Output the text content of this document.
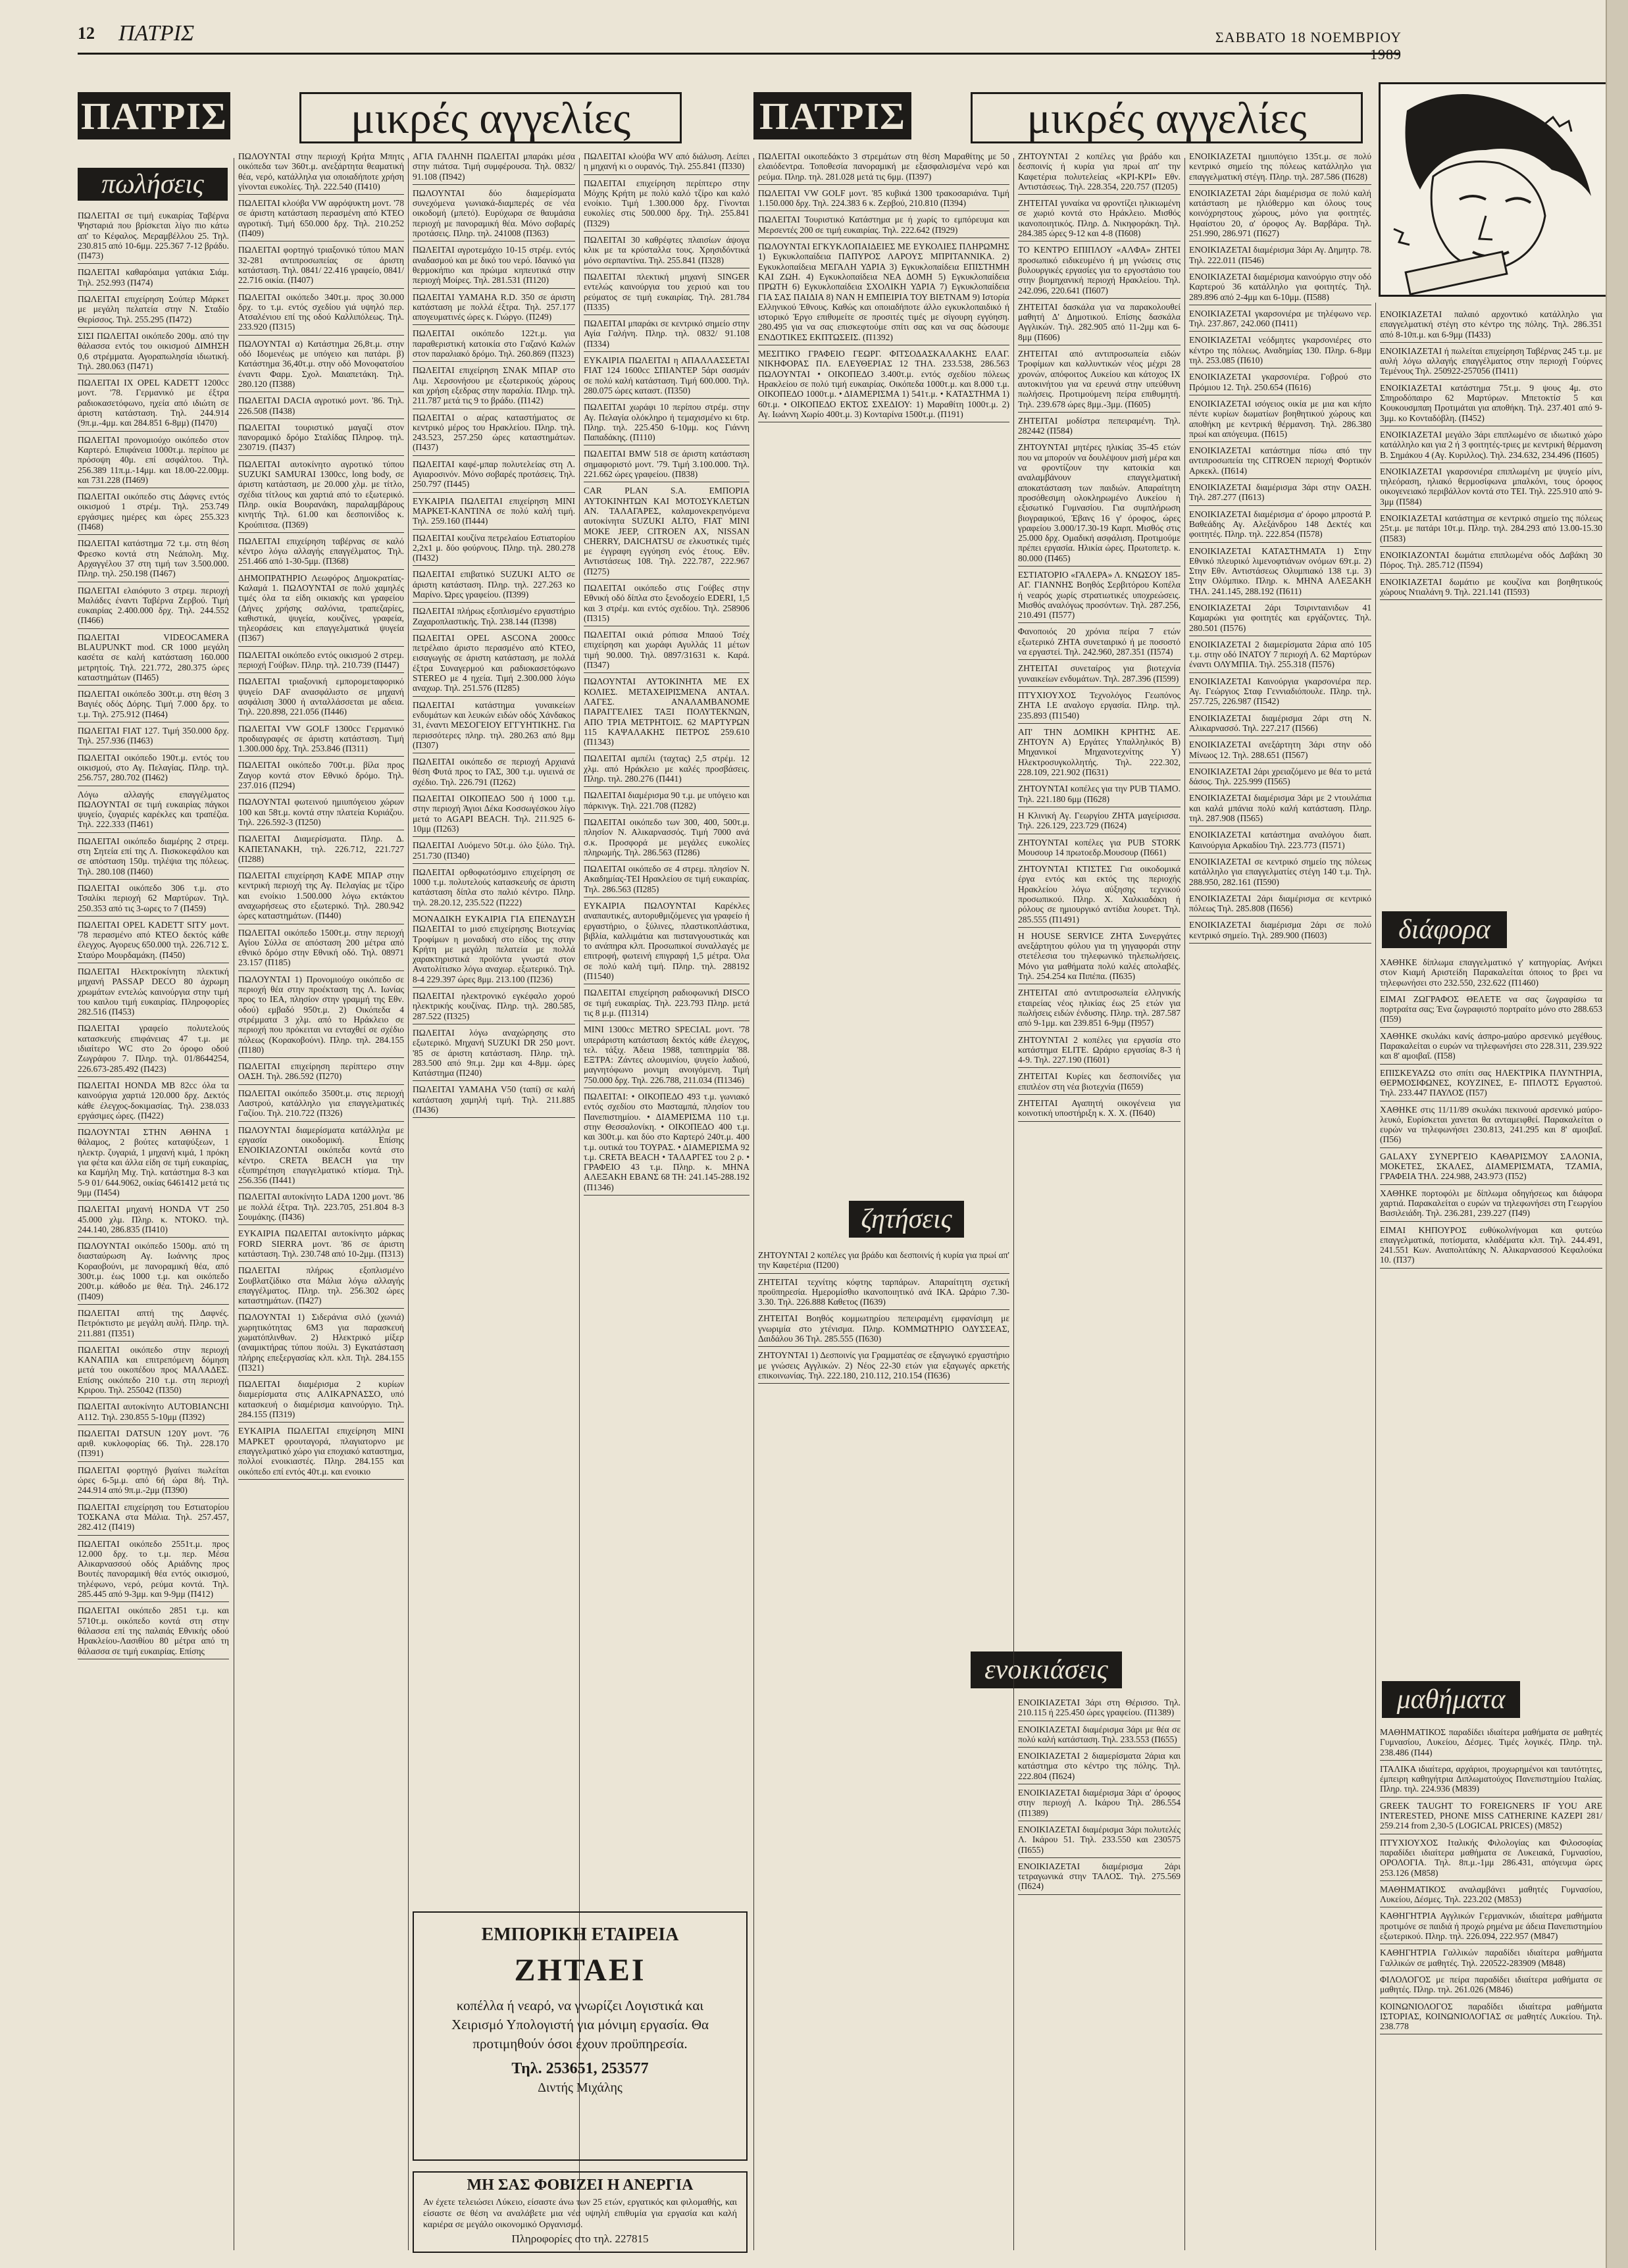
12	ΠΑΤΡΙΣ	ΣΑΒΒΑΤΟ 18 ΝΟΕΜΒΡΙΟΥ 1989
ΠΑΤΡΙΣ	μικρές αγγελίες	ΠΑΤΡΙΣ	μικρές αγγελίες
πωλήσεις
ζητήσεις
ενοικιάσεις
διάφορα
μαθήματα
ΠΩΛΕΙΤΑΙ σε τιμή ευκαιρίας Ταβέρνα Ψησταριά που βρίσκεται λίγο πιο κάτω απ' το Κέφαλος. Μεραμβέλλου 25. Τηλ. 230.815 από 10-6μμ. 225.367 7-12 βράδυ. (Π473)
ΠΩΛΕΙΤΑΙ καθαρόαιμα γατάκια Σιάμ. Τηλ. 252.993 (Π474)
ΠΩΛΕΙΤΑΙ επιχείρηση Σούπερ Μάρκετ με μεγάλη πελατεία στην Ν. Σταδίο Θερίσσος. Τηλ. 255.295 (Π472)
ΣΙΣΙ ΠΩΛΕΙΤΑΙ οικόπεδο 200μ. από την θάλασσα εντός του οικισμού ΔΙΜΗΣΗ 0,6 στρέμματα. Αγοραπωλησία ιδιωτική. Τηλ. 280.063 (Π471)
ΠΩΛΕΙΤΑΙ ΙΧ OPEL KADETT 1200cc μοντ. '78. Γερμανικό με έξτρα ραδιοκασετόφωνο, ηχεία από ιδιώτη σε άριστη κατάσταση. Τηλ. 244.914 (9π.μ.-4μμ. και 284.851 6-8μμ) (Π470)
ΠΩΛΕΙΤΑΙ προνομιούχο οικόπεδο στον Καρτερό. Επιφάνεια 1000τ.μ. περίπου με πρόσοψη 40μ. επί ασφάλτου. Τηλ. 256.389 11π.μ.-14μμ. και 18.00-22.00μμ. και 731.228 (Π469)
ΠΩΛΕΙΤΑΙ οικόπεδο στις Δάφνες εντός οικισμού 1 στρέμ. Τηλ. 253.749 εργάσιμες ημέρες και ώρες 255.323 (Π468)
ΠΩΛΕΙΤΑΙ κατάστημα 72 τ.μ. στη θέση Φρεσκο κοντά στη Νεάπολη. Μιχ. Αρχαγγέλου 37 στη τιμή των 3.500.000. Πληρ. τηλ. 250.198 (Π467)
ΠΩΛΕΙΤΑΙ ελαιόφυτο 3 στρεμ. περιοχή Μαλάδες έναντι Ταβέρνα Ζερβού. Τιμή ευκαιρίας 2.400.000 δρχ. Τηλ. 244.552 (Π466)
ΠΩΛΕΙΤΑΙ VIDEOCAMERA BLAUPUNKT mod. CR 1000 μεγάλη κασέτα σε καλή κατάσταση 160.000 μετρητοίς. Τηλ. 221.772, 280.375 ώρες καταστημάτων (Π465)
ΠΩΛΕΙΤΑΙ οικόπεδο 300τ.μ. στη θέση 3 Βαγιές οδός Δόρης. Τιμή 7.000 δρχ. το τ.μ. Τηλ. 275.912 (Π464)
ΠΩΛΕΙΤΑΙ FIAT 127. Τιμή 350.000 δρχ. Τηλ. 257.936 (Π463)
ΠΩΛΕΙΤΑΙ οικόπεδο 190τ.μ. εντός του οικισμού, στο Αγ. Πελαγίας. Πληρ. τηλ. 256.757, 280.702 (Π462)
Λόγω αλλαγής επαγγέλματος ΠΩΛΟΥΝΤΑΙ σε τιμή ευκαιρίας πάγκοι ψυγείο, ζυγαριές καρέκλες και τραπέζια. Τηλ. 222.333 (Π461)
ΠΩΛΕΙΤΑΙ οικόπεδο διαμέρης 2 στρεμ. στη Σητεία επί της Λ. Πισκοκεφάλου και σε απόσταση 150μ. τηλέψια της πόλεως. Τηλ. 280.108 (Π460)
ΠΩΛΕΙΤΑΙ οικόπεδο 306 τ.μ. στο Τσαλίκι περιοχή 62 Μαρτύρων. Τηλ. 250.353 από τις 3-ωρες το 7 (Π459)
ΠΩΛΕΙΤΑΙ OPEL KADETT SIТУ μοντ. '78 περασμένο από ΚΤΕΟ δεκτός κάθε έλεγχος. Αγορευς 650.000 τηλ. 226.712 Σ. Σταύρο Μουρδαμάκη. (Π450)
ΠΩΛΕΙΤΑΙ Ηλεκτροκίνητη πλεκτική μηχανή PASSAP DECO 80 άχρωμη χρωμάτων εντελώς καινούργια στην τιμή του καιλου τιμή ευκαιρίας. Πληροφορίες 282.516 (Π453)
ΠΩΛΕΙΤΑΙ γραφείο πολυτελούς κατασκευής επιφάνειας 47 τ.μ. με ιδιαίτερο WC στο 2ο όροφο οδού Ζωγράφου 7. Πληρ. τηλ. 01/8644254, 226.673-285.492 (Π423)
ΠΩΛΕΙΤΑΙ HONDA MB 82cc όλα τα καινούργια χαρτιά 120.000 δρχ. Δεκτός κάθε έλεγχος-δοκιμασίας. Τηλ. 238.033 εργάσιμες ώρες. (Π422)
ΠΩΛΟΥΝΤΑΙ ΣΤΗΝ ΑΘΗΝΑ 1 θάλαμος, 2 βούτες καταψύξεων, 1 ηλεκτρ. ζυγαριά, 1 μηχανή κιμά, 1 πρόκη για φέτα και άλλα είδη σε τιμή ευκαιρίας, κα Καμήλη Μιχ. Τηλ. κατάστημα 8-3 και 5-9 01/ 644.9062, οικίας 6461412 μετά τις 9μμ (Π454)
ΠΩΛΕΙΤΑΙ μηχανή HONDA VT 250 45.000 χλμ. Πληρ. κ. ΝΤΟΚΟ. τηλ. 244.140, 286.835 (Π410)
ΠΩΛΟΥΝΤΑΙ οικόπεδο 1500μ. από τη διασταύρωση Αγ. Ιωάννης προς Κοραοβούνι, με πανοραμική θέα, από 300τ.μ. έως 1000 τ.μ. και οικόπεδο 200τ.μ. κάθοδο με θέα. Τηλ. 246.172 (Π409)
ΠΩΛΕΙΤΑΙ απτή της Δαφνές. Πετρόκτιστο με μεγάλη αυλή. Πληρ. τηλ. 211.881 (Π351)
ΠΩΛΕΙΤΑΙ οικόπεδο στην περιοχή ΚΑΝΑΠΙΑ και επιτρεπόμενη δόμηση μετά του οικοπέδου προς ΜΑΛΑΔΕΣ. Επίσης οικόπεδο 210 τ.μ. στη περιοχή Κριρου. Τηλ. 255042 (Π350)
ΠΩΛΕΙΤΑΙ αυτοκίνητο AUTOBIANCHI A112. Τηλ. 230.855 5-10μμ (Π392)
ΠΩΛΕΙΤΑΙ DATSUN 120Y μοντ. '76 αριθ. κυκλοφορίας 66. Τηλ. 228.170 (Π391)
ΠΩΛΕΙΤΑΙ φορτηγό βγαίνει πωλείται ώρες 6-5μ.μ. από 6ή ώρα 8ή. Τηλ. 244.914 από 9π.μ.-2μμ (Π390)
ΠΩΛΕΙΤΑΙ επιχείρηση του Εστιατορίου ΤΟΣΚΑΝΑ στα Μάλια. Τηλ. 257.457, 282.412 (Π419)
ΠΩΛΕΙΤΑΙ οικόπεδο 2551τ.μ. προς 12.000 δρχ. το τ.μ. περ. Μέσα Αλικαρνασσού οδός Αριάδνης προς Βουτές πανοραμική θέα εντός οικισμού, τηλέφωνο, νερό, ρεύμα κοντά. Τηλ. 285.445 από 9-3μμ. και 9-9μμ (Π412)
ΠΩΛΕΙΤΑΙ οικόπεδο 2851 τ.μ. και 5710τ.μ. οικόπεδο κοντά στη στην θάλασσα επί της παλαιάς Εθνικής οδού Ηρακλείου-Λασιθίου 80 μέτρα από τη θάλασσα σε τιμή ευκαιρίας. Επίσης
ΠΩΛΟΥΝΤΑΙ στην περιοχή Κρήτα Μπητς οικόπεδα των 360τ.μ. ανεξάρτητα θεαματική θέα, νερό, κατάλληλα για οποιαδήποτε χρήση γίνονται ευκολίες. Τηλ. 222.540 (Π410)
ΠΩΛΕΙΤΑΙ κλούβα VW αφρόψυκτη μοντ. '78 σε άριστη κατάσταση περασμένη από ΚΤΕΟ αγροτική. Τιμή 650.000 δρχ. Τηλ. 210.252 (Π409)
ΠΩΛΕΙΤΑΙ φορτηγό τριαξονικό τύπου MAN 32-281 αντιπροσωπείας σε άριστη κατάσταση. Τηλ. 0841/ 22.416 γραφείο, 0841/ 22.716 οικία. (Π407)
ΠΩΛΕΙΤΑΙ οικόπεδο 340τ.μ. προς 30.000 δρχ. το τ.μ. εντός σχεδίου γιά υψηλό περ. Ατσαλένιου επί της οδού Καλλιπόλεως. Τηλ. 233.920 (Π315)
ΠΩΛΟΥΝΤΑΙ α) Κατάστημα 26,8τ.μ. στην οδό Ιδομενέως με υπόγειο και πατάρι. β) Κατάστημα 36,40τ.μ. στην οδό Μονοφατσίου έναντι Φαρμ. Σχολ. Μαιαπετάκη. Τηλ. 280.120 (Π388)
ΠΩΛΕΙΤΑΙ DACIA αγροτικό μοντ. '86. Τηλ. 226.508 (Π438)
ΠΩΛΕΙΤΑΙ τουριστικό μαγαζί στον πανοραμικό δρόμο Σταλίδας Πληροφ. τηλ. 230719. (Π437)
ΠΩΛΕΙΤΑΙ αυτοκίνητο αγροτικό τύπου SUZUKI SAMURAI 1300cc, long body, σε άριστη κατάσταση, με 20.000 χλμ. με τίτλο, σχέδια τίτλους και χαρτιά από το εξωτερικό. Πληρ. οικία Βουρανάκη, παραλαμβάρους κινητής Τηλ. 61.00 και δεσποινίδος κ. Κρούπιτσα. (Π369)
ΠΩΛΕΙΤΑΙ επιχείρηση ταβέρνας σε καλό κέντρο λόγω αλλαγής επαγγέλματος. Τηλ. 251.466 από 1-30-5μμ. (Π368)
ΔΗΜΟΠΡΑΤΗΡΙΟ Λεωφόρος Δημοκρατίας-Καλαμά 1. ΠΩΛΟΥΝΤΑΙ σε πολύ χαμηλές τιμές όλα τα είδη οικιακής και γραφείου (Δήνες χρήσης σαλόνια, τραπεζαρίες, καθιστικά, ψυγεία, κουζίνες, γραφεία, τηλεοράσεις και επαγγελματικά ψυγεία (Π367)
ΠΩΛΕΙΤΑΙ οικόπεδο εντός οικισμού 2 στρεμ. περιοχή Γούβων. Πληρ. τηλ. 210.739 (Π447)
ΠΩΛΕΙΤΑΙ τριαξονική εμπορομεταφορικό ψυγείο DAF ανασφάλιστο σε μηχανή ασφάλιση 3000 ή ανταλλάσσεται με αδεια. Τηλ. 220.898, 221.056 (Π446)
ΠΩΛΕΙΤΑΙ VW GOLF 1300cc Γερμανικό προδιαγραφές σε άριστη κατάσταση. Τιμή 1.300.000 δρχ. Τηλ. 253.846 (Π311)
ΠΩΛΕΙΤΑΙ οικόπεδο 700τ.μ. βίλα προς Ζαγορ κοντά στον Εθνικό δρόμο. Τηλ. 237.016 (Π294)
ΠΩΛΟΥΝΤΑΙ φωτεινού ημιυπόγειου χώρων 100 και 58τ.μ. κοντά στην πλατεία Κυριάζου. Τηλ. 226.592-3 (Π250)
ΠΩΛΕΙΤΑΙ Διαμερίσματα. Πληρ. Δ. ΚΑΠΕΤΑΝΑΚΗ, τηλ. 226.712, 221.727 (Π288)
ΠΩΛΕΙΤΑΙ επιχείρηση ΚΑΦΕ ΜΠΑΡ στην κεντρική περιοχή της Αγ. Πελαγίας με τζίρο και ενοίκιο 1.500.000 λόγω εκτάκτου αναχωρήσεως στο εξωτερικό. Τηλ. 280.942 ώρες καταστημάτων. (Π440)
ΠΩΛΕΙΤΑΙ οικόπεδο 1500τ.μ. στην περιοχή Αγίου Σύλλα σε απόσταση 200 μέτρα από εθνικό δρόμο στην Εθνική οδό. Τηλ. 08971 23.157 (Π185)
ΠΩΛΟΥΝΤΑΙ 1) Προνομιούχο οικόπεδο σε περιοχή θέα στην προέκταση της Λ. Ιωνίας προς το ΙΕΑ, πλησίον στην γραμμή της Εθν. οδού) εμβαδό 950τ.μ. 2) Οικόπεδα 4 στρέμματα 3 χλμ. από το Ηράκλειο σε περιοχή που πρόκειται να ενταχθεί σε σχέδιο πόλεως (Κορακοβούνι). Πληρ. τηλ. 284.155 (Π180)
ΠΩΛΕΙΤΑΙ επιχείρηση περίπτερο στην ΟΑΣΗ. Τηλ. 286.592 (Π270)
ΠΩΛΕΙΤΑΙ οικόπεδο 3500τ.μ. στις περιοχή Λαστρού, κατάλληλο για επαγγελματικές Γαζίου. Τηλ. 210.722 (Π326)
ΠΩΛΟΥΝΤΑΙ διαμερίσματα κατάλληλα με εργασία οικοδομική. Επίσης ΕΝΟΙΚΙΑΖΟΝΤΑΙ οικόπεδα κοντά στο κέντρο. CRETA BEACH για την εξυπηρέτηση επαγγελματικό κτίσμα. Τηλ. 256.356 (Π441)
ΠΩΛΕΙΤΑΙ αυτοκίνητο LADA 1200 μοντ. '86 με πολλά έξτρα. Τηλ. 223.705, 251.804 8-3 Σουμάκης. (Π436)
ΕΥΚΑΙΡΙΑ ΠΩΛΕΙΤΑΙ αυτοκίνητο μάρκας FORD SIERRA μοντ. '86 σε άριστη κατάσταση. Τηλ. 230.748 από 10-2μμ. (Π313)
ΠΩΛΕΙΤΑΙ πλήρως εξοπλισμένο Σουβλατζίδικο στα Μάλια λόγω αλλαγής επαγγέλματος. Πληρ. τηλ. 256.302 ώρες καταστημάτων. (Π427)
ΠΩΛΟΥΝΤΑΙ 1) Σιδεράνια σιλό (χωνιά) χωρητικότητας 6Μ3 για παρασκευή χωματόπλινθων. 2) Ηλεκτρικό μίξερ (αναμικτήρας τύπου πούλι. 3) Εγκατάσταση πλήρης επεξεργασίας κλπ. κλπ. Τηλ. 284.155 (Π321)
ΠΩΛΕΙΤΑΙ διαμέρισμα 2 κυρίων διαμερίσματα στις ΑΛΙΚΑΡΝΑΣΣΟ, υπό κατασκευή ο διαμέρισμα καινούργιο. Τηλ. 284.155 (Π319)
ΕΥΚΑΙΡΙΑ ΠΩΛΕΙΤΑΙ επιχείρηση ΜΙΝΙ ΜΑΡΚΕΤ φρουταγορά, πλαγιατορνο με επαγγελματικό χώρο για εποχιακό καταστημα, πολλοί ενοικιαστές. Πληρ. 284.155 και οικόπεδο επί εντός 40τ.μ. και ενοικιο
ΑΓΙΑ ΓΑΛΗΝΗ ΠΩΛΕΙΤΑΙ μπαράκι μέσα στην πιάτσα. Τιμή συμφέρουσα. Τηλ. 0832/ 91.108 (Π942)
ΠΩΛΟΥΝΤΑΙ δύο διαμερίσματα συνεχόμενα γωνιακά-διαμπερές σε νέα οικοδομή (μπετό). Ευρύχωρα σε θαυμάσια περιοχή με πανοραμική θέα. Μόνο σοβαρές προτάσεις. Πληρ. τηλ. 241008 (Π363)
ΠΩΛΕΙΤΑΙ αγροτεμάχιο 10-15 στρέμ. εντός αναδασμού και με δικό του νερό. Ιδανικό για θερμοκήπιο και πρώιμα κηπευτικά στην περιοχή Μοίρες. Τηλ. 281.531 (Π120)
ΠΩΛΕΙΤΑΙ YAMAHA R.D. 350 σε άριστη κατάσταση με πολλά έξτρα. Τηλ. 257.177 απογευματινές ώρες κ. Γιώργο. (Π249)
ΠΩΛΕΙΤΑΙ οικόπεδο 122τ.μ. για παραθεριστική κατοικία στο Γαζανό Καλών στον παραλιακό δρόμο. Τηλ. 260.869 (Π323)
ΠΩΛΕΙΤΑΙ επιχείρηση ΣΝΑΚ ΜΠΑΡ στο Λιμ. Χερσονήσου με εξωτερικούς χώρους και χρήση εξεδρας στην παραλία. Πληρ. τηλ. 211.787 μετά τις 9 το βράδυ. (Π142)
ΠΩΛΕΙΤΑΙ ο αέρας καταστήματος σε κεντρικό μέρος του Ηρακλείου. Πληρ. τηλ. 243.523, 257.250 ώρες καταστημάτων. (Π437)
ΠΩΛΕΙΤΑΙ καφέ-μπαρ πολυτελείας στη Λ. Αγιαροσινόν. Μόνο σοβαρές προτάσεις. Τηλ. 250.797 (Π445)
ΕΥΚΑΙΡΙΑ ΠΩΛΕΙΤΑΙ επιχείρηση ΜΙΝΙ ΜΑΡΚΕΤ-ΚΑΝΤΙΝΑ σε πολύ καλή τιμή. Τηλ. 259.160 (Π444)
ΠΩΛΕΙΤΑΙ κουζίνα πετρελαίου Εστιατορίου 2,2x1 μ. δύο φούρνους. Πληρ. τηλ. 280.278 (Π432)
ΠΩΛΕΙΤΑΙ επιβατικό SUZUKI ALTO σε άριστη κατάσταση. Πληρ. τηλ. 227.263 κο Μαρίνο. Ώρες γραφείου. (Π399)
ΠΩΛΕΙΤΑΙ πλήρως εξοπλισμένο εργαστήριο Ζαχαροπλαστικής. Τηλ. 238.144 (Π398)
ΠΩΛΕΙΤΑΙ OPEL ASCONA 2000cc πετρέλαιο άριστο περασμένο από ΚΤΕΟ, εισαγωγής σε άριστη κατάσταση, με πολλά έξτρα Συναγερμού και ραδιοκασετόφωνο STEREO με 4 ηχεία. Τιμή 2.300.000 λόγω αναχωρ. Τηλ. 251.576 (Π285)
ΠΩΛΕΙΤΑΙ κατάστημα γυναικείων ενδυμάτων και λευκών ειδών οδός Χάνδακος 31, έναντι ΜΕΣΟΓΕΙΟΥ ΕΓΓΥΗΤΙΚΗΣ. Για περισσότερες πληρ. τηλ. 280.263 από 8μμ (Π307)
ΠΩΛΕΙΤΑΙ οικόπεδο σε περιοχή Αρχιανά θέση Φυτά προς το ΓΑΣ, 300 τ.μ. υγιεινά σε σχέδιο. Τηλ. 226.791 (Π262)
ΠΩΛΕΙΤΑΙ ΟΙΚΟΠΕΔΟ 500 ή 1000 τ.μ. στην περιοχή Άγιοι Δέκα Κοσσωγέσκου λίγο μετά το AGAPI BEACH. Τηλ. 211.925 6-10μμ (Π263)
ΠΩΛΕΙΤΑΙ Λυόμενο 50τ.μ. όλο ξύλο. Τηλ. 251.730 (Π340)
ΠΩΛΕΙΤΑΙ ορθοφωτόσμινο επιχείρηση σε 1000 τ.μ. πολυτελούς κατασκευής σε άριστη κατάσταση δίπλα στο παλιό κέντρο. Πληρ. τηλ. 28.20.12, 235.522 (Π222)
ΜΟΝΑΔΙΚΗ ΕΥΚΑΙΡΙΑ ΓΙΑ ΕΠΕΝΔΥΣΗ ΠΩΛΕΙΤΑΙ το μισό επιχείρησης Βιοτεχνίας Τροφίμων η μοναδική στο είδος της στην Κρήτη με μεγάλη πελατεία με πολλά χαρακτηριστικά προϊόντα γνωστά στον Ανατολίτισκο λόγω αναχωρ. εξωτερικό. Τηλ. 8-4 229.397 ώρες 8μμ. 213.100 (Π236)
ΠΩΛΕΙΤΑΙ ηλεκτρονικό εγκέφαλο χορού ηλεκτρικής κουζίνας. Πληρ. τηλ. 280.585, 287.522 (Π325)
ΠΩΛΕΙΤΑΙ λόγω αναχώρησης στο εξωτερικό. Μηχανή SUZUKI DR 250 μοντ. '85 σε άριστη κατάσταση. Πληρ. τηλ. 283.500 από 9π.μ. 2μμ και 4-8μμ. ώρες Κατάστημα (Π240)
ΠΩΛΕΙΤΑΙ YAMAHA V50 (ταπί) σε καλή κατάσταση χαμηλή τιμή. Τηλ. 211.885 (Π436)
ΠΩΛΕΙΤΑΙ κλούβα WV από διάλυση. Λείπει η μηχανή κι ο ουρανός. Τηλ. 255.841 (Π330)
ΠΩΛΕΙΤΑΙ επιχείρηση περίπτερο στην Μόχης Κρήτη με πολύ καλό τζίρο και καλό ενοίκιο. Τιμή 1.300.000 δρχ. Γίνονται ευκολίες στις 500.000 δρχ. Τηλ. 255.841 (Π329)
ΠΩΛΕΙΤΑΙ 30 καθρέφτες πλαισίων άψογα κλικ με τα κρύσταλλα τους. Χρησιδόντικά μόνο σερπαντίνα. Τηλ. 255.841 (Π328)
ΠΩΛΕΙΤΑΙ πλεκτική μηχανή SINGER εντελώς καινούργια του χεριού και του ρεύματος σε τιμή ευκαιρίας. Τηλ. 281.784 (Π335)
ΠΩΛΕΙΤΑΙ μπαράκι σε κεντρικό σημείο στην Αγία Γαλήνη. Πληρ. τηλ. 0832/ 91.108 (Π334)
ΕΥΚΑΙΡΙΑ ΠΩΛΕΙΤΑΙ η ΑΠΑΛΛΑΣΣΕΤΑΙ FIAT 124 1600cc ΣΠΙΑΝΤΕΡ 5άρι σασμάν σε πολύ καλή κατάσταση. Τιμή 600.000. Τηλ. 280.075 ώρες καταστ. (Π350)
ΠΩΛΕΙΤΑΙ χωράφι 10 περίπου στρέμ. στην Αγ. Πελαγία ολόκληρο ή τεμαχισμένο κι 6τρ. Πληρ. τηλ. 225.450 6-10μμ. κος Γιάννη Παπαδάκης. (Π110)
ΠΩΛΕΙΤΑΙ BMW 518 σε άριστη κατάσταση σημαφοριστό μοντ. '79. Τιμή 3.100.000. Τηλ. 221.662 ώρες γραφείου. (Π838)
CAR PLAN S.A. ΕΜΠΟΡΙΑ ΑΥΤΟΚΙΝΗΤΩΝ ΚΑΙ ΜΟΤΟΣΥΚΛΕΤΩΝ ΑΝ. ΤΑΛΑΓΑΡΕΣ, καλαμονεκρεηνόμενα αυτοκίνητα SUZUKI ALTO, FIAT MINI MOKE JEEP, CITROEN AX, NISSAN CHERRY, DAICHATSU σε ελκυστικές τιμές με έγγραφη εγγύηση ενός έτους. Εθν. Αντιστάσεως 108. Τηλ. 222.787, 222.967 (Π275)
ΠΩΛΕΙΤΑΙ οικόπεδο στις Γούβες στην Εθνική οδό δίπλα στο ξενοδοχείο EDERI, 1,5 και 3 στρέμ. και εντός σχεδίου. Τηλ. 258906 (Π315)
ΠΩΛΕΙΤΑΙ οικιά ρόπισα Μπαού Τσέχ επιχείρηση και χωράφι Αγυλλάς 11 μέτων τιμή 90.000. Τηλ. 0897/31631 κ. Καρά. (Π347)
ΠΩΛΟΥΝΤΑΙ ΑΥΤΟΚΙΝΗΤΑ ΜΕ ΕΧ ΚΟΛΙΕΣ. ΜΕΤΑΧΕΙΡΙΣΜΕΝΑ ΑΝΤΑΛ. ΛΑΓΕΣ. ΑΝΑΛΑΜΒΑΝΟΜΕ ΠΑΡΑΓΓΕΛΙΕΣ ΤΑΞΙ ΠΟΛΥΤΕΚΝΩΝ, ΑΠΟ ΤΡΙΑ ΜΕΤΡΗΤΟΙΣ. 62 ΜΑΡΤΥΡΩΝ 115 ΚΑΨΑΛΑΚΗΣ ΠΕΤΡΟΣ 259.610 (Π1343)
ΠΩΛΕΙΤΑΙ αμπέλι (ταχτας) 2,5 στρέμ. 12 χλμ. από Ηράκλειο με καλές προσβάσεις. Πληρ. τηλ. 280.276 (Π441)
ΠΩΛΕΙΤΑΙ διαμέρισμα 90 τ.μ. με υπόγειο και πάρκινγκ. Τηλ. 221.708 (Π282)
ΠΩΛΕΙΤΑΙ οικόπεδο των 300, 400, 500τ.μ. πλησίον Ν. Αλικαρνασσός. Τιμή 7000 ανά σ.κ. Προσφορά με μεγάλες ευκολίες πληρωμής. Τηλ. 286.563 (Π286)
ΠΩΛΕΙΤΑΙ οικόπεδο σε 4 στρεμ. πλησίον Ν. Ακαδημίας-ΤΕΙ Ηρακλείου σε τιμή ευκαιρίας. Τηλ. 286.563 (Π285)
ΕΥΚΑΙΡΙΑ ΠΩΛΟΥΝΤΑΙ Καρέκλες αναπαυτικές, αυτορυθμιζόμενες για γραφείο ή εργαστήριο, ο ξύλινες, πλαστικοπλάστικα, βιβλία, καλλιμάτια και πιστανγουστικάς και το ανάπηρα κλπ. Προσωπικοί συναλλαγές με επιτροφή, φωτεινή επιγραφή 1,5 μέτρα. Όλα σε πολύ καλή τιμή. Πληρ. τηλ. 288192 (Π1540)
ΠΩΛΕΙΤΑΙ επιχείρηση ραδιοφωνική DISCO σε τιμή ευκαιρίας. Τηλ. 223.793 Πληρ. μετά τις 8 μ.μ. (Π1314)
MINI 1300cc METRO SPECIAL μοντ. '78 υπεράριστη κατάσταση δεκτός κάθε έλεγχος, τελ. τάξιχ. Άδεια 1988, ταπιτηρμία '88. ΕΞΤΡΑ: Ζάντες αλουμινίου, ψυγείο λαδιού, μαγνητόφωνο μονιμη ανοιγόμενη. Τιμή 750.000 δρχ. Τηλ. 226.788, 211.034 (Π1346)
ΠΩΛΕΙΤΑΙ: • ΟΙΚΟΠΕΔΟ 493 τ.μ. γωνιακό εντός σχεδίου στο Μασταμπά, πλησίον του Πανεπιστημίου. • ΔΙΑΜΕΡΙΣΜΑ 110 τ.μ. στην Θεσσαλονίκη. • ΟΙΚΟΠΕΔΟ 400 τ.μ. και 300τ.μ. και δύο στο Καρτερό 240τ.μ. 400 τ.μ. ουτικά του ΤΟΥΡΑΣ. • ΔΙΑΜΕΡΙΣΜΑ 92 τ.μ. CRETA BEACH • ΤΑΛΑΡΓΕΣ του 2 ρ. • ΓΡΑΦΕΙΟ 43 τ.μ. Πληρ. κ. ΜΗΝΑ ΑΛΕΞΑΚΗ ΕΒΑΝΣ 68 ΤΗ: 241.145-288.192 (Π1346)
ΠΩΛΕΙΤΑΙ οικοπεδάκτο 3 στρεμάτων στη θέση Μαραθίτης με 50 ελαιόδεντρα. Τοποθεσία πανοραμική με εξασφαλισμένα νερό και ρεύμα. Πληρ. τηλ. 281.028 μετά τις 6μμ. (Π397)
ΠΩΛΕΙΤΑΙ VW GOLF μοντ. '85 κυβικά 1300 τρακοσαριάνα. Τιμή 1.150.000 δρχ. Τηλ. 224.383 6 κ. Ζερβού, 210.810 (Π394)
ΠΩΛΕΙΤΑΙ Τουριστικό Κατάστημα με ή χωρίς το εμπόρευμα και Μερσεντές 200 σε τιμή ευκαιρίας. Τηλ. 222.642 (Π929)
ΠΩΛΟΥΝΤΑΙ ΕΓΚΥΚΛΟΠΑΙΔΕΙΕΣ ΜΕ ΕΥΚΟΛΙΕΣ ΠΛΗΡΩΜΗΣ 1) Εγκυκλοπαίδεια ΠΑΠΥΡΟΣ ΛΑΡΟΥΣ ΜΠΡΙΤΑΝΝΙΚΑ. 2) Εγκυκλοπαίδεια ΜΕΓΑΛΗ ΥΔΡΙΑ 3) Εγκυκλοπαίδεια ΕΠΙΣΤΗΜΗ ΚΑΙ ΖΩΗ. 4) Εγκυκλοπαίδεια ΝΕΑ ΔΟΜΗ 5) Εγκυκλοπαίδεια ΠΡΩΤΗ 6) Εγκυκλοπαίδεια ΣΧΟΛΙΚΗ ΥΔΡΙΑ 7) Εγκυκλοπαίδεια ΓΙΑ ΣΑΣ ΠΑΙΔΙΑ 8) ΝΑΝ Η ΕΜΠΕΙΡΙΑ ΤΟΥ ΒΙΕΤΝΑΜ 9) Ιστορία Ελληνικού Έθνους. Καθώς και οποιαδήποτε άλλο εγκυκλοπαιδικό ή ιστορικό Έργο επιθυμείτε σε προσιτές τιμές με σίγουρη εγγύηση. 280.495 για να σας επισκεφτούμε σπίτι σας και να σας δώσουμε ΕΝΔΟΤΙΚΕΣ ΕΚΠΤΩΣΕΙΣ. (Π1392)
ΜΕΣΙΤΙΚΟ ΓΡΑΦΕΙΟ ΓΕΩΡΓ. ΦΙΤΣΟΔΑΣΚΑΛΑΚΗΣ ΕΛΑΓ. ΝΙΚΗΦΟΡΑΣ ΠΛ. ΕΛΕΥΘΕΡΙΑΣ 12 ΤΗΛ. 233.538, 286.563 ΠΩΛΟΥΝΤΑΙ • ΟΙΚΟΠΕΔΟ 3.400τ.μ. εντός σχεδίου πόλεως Ηρακλείου σε πολύ τιμή ευκαιρίας. Οικόπεδα 1000τ.μ. και 8.000 τ.μ. ΟΙΚΟΠΕΔΟ 1000τ.μ. • ΔΙΑΜΕΡΙΣΜΑ 1) 541τ.μ. • ΚΑΤΑΣΤΗΜΑ 1) 60τ.μ. • ΟΙΚΟΠΕΔΟ ΕΚΤΟΣ ΣΧΕΔΙΟΥ: 1) Μαραθίτη 1000τ.μ. 2) Αγ. Ιωάννη Χωρίο 400τ.μ. 3) Κονταρίνα 1500τ.μ. (Π191)
ΖΗΤΟΥΝΤΑΙ 2 κοπέλες για βράδυ και δεσποινίς ή κυρία για πρωί απ' την Καφετέρια (Π200)
ΖΗΤΕΙΤΑΙ τεχνίτης κόφτης ταρπάρων. Απαραίτητη σχετική προϋπηρεσία. Ημερομίσθιο ικανοποιητικό ανά ΙΚΑ. Ωράριο 7.30-3.30. Τηλ. 226.888 Καθετος (Π639)
ΖΗΤΕΙΤΑΙ Βοηθός κομμωτηρίου πεπειραμένη εμφανίσιμη με γνωριμία στο χτένισμα. Πληρ. ΚΟΜΜΩΤΗΡΙΟ ΟΔΥΣΣΕΑΣ, Δαιδάλου 36 Τηλ. 285.555 (Π630)
ΖΗΤΟΥΝΤΑΙ 1) Δεσποινίς για Γραμματέας σε εξαγωγικό εργαστήριο με γνώσεις Αγγλικών. 2) Νέος 22-30 ετών για εξαγωγές αρκετής επικοινωνίας. Τηλ. 222.180, 210.112, 210.154 (Π636)
ΖΗΤΟΥΝΤΑΙ 2 κοπέλες για βράδυ και δεσποινίς ή κυρία για πρωί απ' την Καφετέρια πολυτελείας «ΚΡΙ-ΚΡΙ» Εθν. Αντιστάσεως. Τηλ. 228.354, 220.757 (Π205)
ΖΗΤΕΙΤΑΙ γυναίκα να φροντίζει ηλικιωμένη σε χωριό κοντά στο Ηράκλειο. Μισθός ικανοποιητικός. Πληρ. Δ. Νικηφοράκη. Τηλ. 284.385 ώρες 9-12 και 4-8 (Π608)
ΤΟ ΚΕΝΤΡΟ ΕΠΙΠΛΟΥ «ΑΛΦΑ» ΖΗΤΕΙ προσωπικό ειδικευμένο ή μη γνώσεις στις βυλουργικές εργασίες για το εργοστάσιο του στην βιομηχανική περιοχή Ηρακλείου. Τηλ. 242.096, 220.641 (Π607)
ΖΗΤΕΙΤΑΙ δασκάλα για να παρακολουθεί μαθητή Δ' Δημοτικού. Επίσης δασκάλα Αγγλικών. Τηλ. 282.905 από 11-2μμ και 6-8μμ (Π606)
ΖΗΤΕΙΤΑΙ από αντιπροσωπεία ειδών Τροφίμων και καλλυντικών νέος μέχρι 28 χρονών, απόφοιτος Λυκείου και κάτοχος ΙΧ αυτοκινήτου για να ερευνά στην υπεύθυνη πωλήσεις. Προτιμούμενη πείρα επιθυμητή. Τηλ. 239.678 ώρες 8μμ.-3μμ. (Π605)
ΖΗΤΕΙΤΑΙ μοδίστρα πεπειραμένη. Τηλ. 282442 (Π584)
ΖΗΤΟΥΝΤΑΙ μητέρες ηλικίας 35-45 ετών που να μπορούν να δουλέψουν μισή μέρα και να φροντίζουν την κατοικία και αναλαμβάνουν επαγγελματική αποκατάσταση των παιδιών. Απαραίτητη προσόθεσιμη ολοκληρωμένο Λυκείου ή εξισωτικό Γυμνασίου. Για συμπλήρωση βιογραφικού, Έβανς 16 γ' όροφος, ώρες γραφείου 3.000/17.30-19 Καρπ. Μισθός στις 25.000 δρχ. Ομαδική ασφάλιση. Προτιμούμε πρέπει εργασία. Ηλικία ώρες. Πρωτοπετρ. κ. 80.000 (Π465)
ΕΣΤΙΑΤΟΡΙΟ «ΓΑΛΕΡΑ» Λ. ΚΝΩΣΟΥ 185-ΑΓ. ΓΙΑΝΝΗΣ Βοηθός Σερβιτόρου Κοπέλα ή νεαρός χωρίς στρατιωτικές υποχρεώσεις. Μισθός αναλόγως προσόντων. Τηλ. 287.256, 210.491 (Π577)
Φανοποιός 20 χρόνια πείρα 7 ετών εξωτερικό ΖΗΤΑ συνεταιρικό ή με ποσοστό να εργαστεί. Τηλ. 242.960, 287.351 (Π574)
ΖΗΤΕΙΤΑΙ συνεταίρος για βιοτεχνία γυναικείων ενδυμάτων. Τηλ. 287.396 (Π599)
ΠΤΥΧΙΟΥΧΟΣ Τεχνολόγος Γεωπόνος ΖΗΤΑ Ι.Ε αναλογο εργασία. Πληρ. τηλ. 235.893 (Π1540)
ΑΠ' ΤΗΝ ΔΟΜΙΚΗ ΚΡΗΤΗΣ ΑΕ. ΖΗΤΟΥΝ Α) Εργάτες Υπαλληλικός Β) Μηχανικοί Μηχανοτεχνίτης Υ) Ηλεκτροσυγκολλητής. Τηλ. 222.302, 228.109, 221.902 (Π631)
ΖΗΤΟΥΝΤΑΙ κοπέλες για την PUB TIAMO. Τηλ. 221.180 6μμ (Π628)
Η Κλινική Αγ. Γεωργίου ΖΗΤΑ μαγείρισσα. Τηλ. 226.129, 223.729 (Π624)
ΖΗΤΟΥΝΤΑΙ κοπέλες για PUB STORK Μουσουρ 14 πρωτοεδρ.Μουσουρ (Π661)
ΖΗΤΟΥΝΤΑΙ ΚΤΙΣΤΕΣ Για οικοδομικά έργα εντός και εκτός της περιοχής Ηρακλείου λόγω αύξησης τεχνικού προσωπικού. Πληρ. Χ. Χαλκιαδάκη ή ρόλους σε ημιουργικό αντίδια λουρετ. Τηλ. 285.555 (Π1491)
H HOUSE SERVICE ΖΗΤΑ Συνεργάτες ανεξάρτητου φύλου για τη γηγαφοράι στην στετέλεσια του τηλεφωνικό τηλεπωλήσεις. Μόνο για μαθήματα πολύ καλές απολαβές. Τηλ. 254.254 κα Πιπέπα. (Π635)
ΖΗΤΕΙΤΑΙ από αντιπροσωπεία ελληνικής εταιρείας νέος ηλικίας έως 25 ετών για πωλήσεις ειδών ένδυσης. Πληρ. τηλ. 287.587 από 9-1μμ. και 239.851 6-9μμ (Π957)
ΖΗΤΟΥΝΤΑΙ 2 κοπέλες για εργασία στο κατάστημα ELITE. Ωράριο εργασίας 8-3 ή 4-9. Τηλ. 227.190 (Π601)
ΖΗΤΕΙΤΑΙ Κυρίες και δεσποινίδες για επιπλέον στη νέα βιοτεχνία (Π659)
ΖΗΤΕΙΤΑΙ Αγαπητή οικογένεια για κοινοτική υποστήριξη κ. Χ. Χ. (Π640)
ΕΝΟΙΚΙΑΖΕΤΑΙ ημιυπόγειο 135τ.μ. σε πολύ κεντρικό σημείο της πόλεως κατάλληλο για επαγγελματική στέγη. Πληρ. τηλ. 287.586 (Π628)
ΕΝΟΙΚΙΑΖΕΤΑΙ 2άρι διαμέρισμα σε πολύ καλή κατάσταση με ηλιόθερμο και όλους τους κοινόχρηστους χώρους, μόνο για φοιτητές. Ηφαίστου 20, α' όροφος Αγ. Βαρβάρα. Τηλ. 251.990, 286.971 (Π627)
ΕΝΟΙΚΙΑΖΕΤΑΙ διαμέρισμα 3άρι Αγ. Δημητρ. 78. Τηλ. 222.011 (Π546)
ΕΝΟΙΚΙΑΖΕΤΑΙ διαμέρισμα καινούργιο στην οδό Καρτερού 36 κατάλληλο για φοιτητές. Τηλ. 289.896 από 2-4μμ και 6-10μμ. (Π588)
ΕΝΟΙΚΙΑΖΕΤΑΙ γκαρσονιέρα με τηλέφωνο νερ. Τηλ. 237.867, 242.060 (Π411)
ΕΝΟΙΚΙΑΖΕΤΑΙ νεόδμητες γκαρσονιέρες στο κέντρο της πόλεως. Αναδημίας 130. Πληρ. 6-8μμ τηλ. 253.085 (Π610)
ΕΝΟΙΚΙΑΖΕΤΑΙ γκαρσονιέρα. Γοβρού στο Πρόμιου 12. Τηλ. 250.654 (Π616)
ΕΝΟΙΚΙΑΖΕΤΑΙ ισόγειος οικία με μια και κήπο πέντε κυρίων δωματίων βοηθητικού χώρους και αποθήκη με κεντρική θέρμανση. Τηλ. 286.380 πρωί και απόγευμα. (Π615)
ΕΝΟΙΚΙΑΖΕΤΑΙ κατάστημα πίσω από την αντιπροσωπεία της CITROEN περιοχή Φορτικόν Αρκεκλ. (Π614)
ΕΝΟΙΚΙΑΖΕΤΑΙ διαμέρισμα 3άρι στην ΟΑΣΗ. Τηλ. 287.277 (Π613)
ΕΝΟΙΚΙΑΖΕΤΑΙ διαμέρισμα α' όροφο μπροστά Ρ. Βαθεάδης Αγ. Αλεξάνδρου 148 Δεκτές και φοιτητές. Πληρ. τηλ. 222.854 (Π578)
ΕΝΟΙΚΙΑΖΕΤΑΙ ΚΑΤΑΣΤΗΜΑΤΑ 1) Στην Εθνικό πλευρικό λιμενοφτιάνων ονόμων 69τ.μ. 2) Στην Εθν. Αντιστάσεως Ολυμπιακό 138 τ.μ. 3) Στην Ολύμπικο. Πληρ. κ. ΜΗΝΑ ΑΛΕΞΑΚΗ ΤΗΛ. 241.145, 288.192 (Π611)
ΕΝΟΙΚΙΑΖΕΤΑΙ 2άρι Τσιρινταινιδων 41 Καμαρώκι για φοιτητές και εργάζοντες. Τηλ. 280.501 (Π576)
ΕΝΟΙΚΙΑΖΕΤΑΙ 2 διαμερίσματα 2άρια από 105 τ.μ. στην οδό ΙΝΑΤΟΥ 7 περιοχή Λ. 62 Μαρτύρων έναντι ΟΛΥΜΠΙΑ. Τηλ. 255.318 (Π576)
ΕΝΟΙΚΙΑΖΕΤΑΙ Καινούργια γκαρσονιέρα περ. Αγ. Γεώργιος Σταφ Γεννιαδιόπουλε. Πληρ. τηλ. 257.725, 226.987 (Π542)
ΕΝΟΙΚΙΑΖΕΤΑΙ διαμέρισμα 2άρι στη Ν. Αλικαρνασσό. Τηλ. 227.217 (Π566)
ΕΝΟΙΚΙΑΖΕΤΑΙ ανεξάρτητη 3άρι στην οδό Μίνωος 12. Τηλ. 288.651 (Π567)
ΕΝΟΙΚΙΑΖΕΤΑΙ 2άρι χρειαζόμενο με θέα το μετά δάσος. Τηλ. 225.999 (Π565)
ΕΝΟΙΚΙΑΖΕΤΑΙ διαμέρισμα 3άρι με 2 ντουλάπια και καλά μπάνια πολύ καλή κατάσταση. Πληρ. τηλ. 287.908 (Π565)
ΕΝΟΙΚΙΑΖΕΤΑΙ κατάστημα αναλόγου διαπ. Καινούργια Αρκαδίου Τηλ. 223.773 (Π571)
ΕΝΟΙΚΙΑΖΕΤΑΙ σε κεντρικό σημείο της πόλεως κατάλληλο για επαγγελματίες στέγη 140 τ.μ. Τηλ. 288.950, 282.161 (Π590)
ΕΝΟΙΚΙΑΖΕΤΑΙ 2άρι διαμέρισμα σε κεντρικό πόλεως Τηλ. 285.808 (Π656)
ΕΝΟΙΚΙΑΖΕΤΑΙ διαμέρισμα 2άρι σε πολύ κεντρικό σημείο. Τηλ. 289.900 (Π603)
ΕΝΟΙΚΙΑΖΕΤΑΙ 3άρι στη Θέρισσο. Τηλ. 210.115 ή 225.450 ώρες γραφείου. (Π1389)
ΕΝΟΙΚΙΑΖΕΤΑΙ διαμέρισμα 3άρι με θέα σε πολύ καλή κατάσταση. Τηλ. 233.553 (Π655)
ΕΝΟΙΚΙΑΖΕΤΑΙ 2 διαμερίσματα 2άρια και κατάστημα στο κέντρο της πόλης. Τηλ. 222.804 (Π624)
ΕΝΟΙΚΙΑΖΕΤΑΙ διαμέρισμα 3άρι α' όροφος στην περιοχή Λ. Ικάρου Τηλ. 286.554 (Π1389)
ΕΝΟΙΚΙΑΖΕΤΑΙ διαμέρισμα 3άρι πολυτελές Λ. Ικάρου 51. Τηλ. 233.550 και 230575 (Π655)
ΕΝΟΙΚΙΑΖΕΤΑΙ διαμέρισμα 2άρι τετραγωνικά στην ΤΑΛΟΣ. Τηλ. 275.569 (Π624)
ΕΝΟΙΚΙΑΖΕΤΑΙ παλαιό αρχοντικό κατάλληλο για επαγγελματική στέγη στο κέντρο της πόλης. Τηλ. 286.351 από 8-10π.μ. και 6-9μμ (Π433)
ΕΝΟΙΚΙΑΖΕΤΑΙ ή πωλείται επιχείρηση Ταβέρνας 245 τ.μ. με αυλή λόγω αλλαγής επαγγέλματος στην περιοχή Γούρνες Τεμένους Τηλ. 250922-257056 (Π411)
ΕΝΟΙΚΙΑΖΕΤΑΙ κατάστημα 75τ.μ. 9 ψους 4μ. στο Σπηροδόπαιρο 62 Μαρτύρων. Μπετοκτίσ 5 και Κουκουσμπαη Προτιμάται για αποθήκη. Τηλ. 237.401 από 9-3μμ. κο Κονταδόβλη. (Π452)
ΕΝΟΙΚΙΑΖΕΤΑΙ μεγάλο 3άρι επιπλωμένο σε ιδιωτικό χώρο κατάλληλο και για 2 ή 3 φοιτητές-τριες με κεντρική θέρμανση Β. Σημάκου 4 (Αγ. Κυριλλος). Τηλ. 234.632, 234.496 (Π605)
ΕΝΟΙΚΙΑΖΕΤΑΙ γκαρσονιέρα επιπλωμένη με ψυγείο μίνι, τηλεόραση, ηλιακό θερμοσίφωνα μπαλκόνι, τους όροφος οικογενειακό περιβάλλον κοντά στο ΤΕΙ. Τηλ. 225.910 από 9-3μμ (Π584)
ΕΝΟΙΚΙΑΖΕΤΑΙ κατάστημα σε κεντρικό σημείο της πόλεως 25τ.μ. με πατάρι 10τ.μ. Πληρ. τηλ. 284.293 από 13.00-15.30 (Π583)
ΕΝΟΙΚΙΑΖΟΝΤΑΙ δωμάτια επιπλωμένα οδός Δαβάκη 30 Πόρος. Τηλ. 285.712 (Π594)
ΕΝΟΙΚΙΑΖΕΤΑΙ δωμάτιο με κουζίνα και βοηθητικούς χώρους Ντιαλάνη 9. Τηλ. 221.141 (Π593)
ΧΑΘΗΚΕ δίπλωμα επαγγελματικό γ' κατηγορίας. Ανήκει στον Κιαμή Αριστείδη Παρακαλείται όποιος το βρει να τηλεφωνήσει στο 232.550, 232.622 (Π1460)
ΕΙΜΑΙ ΖΩΓΡΑΦΟΣ ΘΕΛΕΤΕ να σας ζωγραφίσω τα πορτραίτα σας; Ένα ζωγραφιστό πορτραίτο μόνο στο 288.653 (Π59)
ΧΑΘΗΚΕ σκυλάκι κανίς άσπρο-μαύρο αρσενικό μεγέθους. Παρακαλείται ο ευρών να τηλεφωνήσει στο 228.311, 239.922 και 8' αμοιβαΐ. (Π58)
ΕΠΙΣΚΕΥΑΖΩ στο σπίτι σας ΗΛΕΚΤΡΙΚΑ ΠΛΥΝΤΗΡΙΑ, ΘΕΡΜΟΣΙΦΩΝΕΣ, ΚΟΥΖΙΝΕΣ, Ε- ΠΠΛΟΤΣ Εργαστού. Τηλ. 233.447 ΠΑΥΛΟΣ (Π57)
ΧΑΘΗΚΕ στις 11/11/89 σκυλάκι πεκινουά αρσενικό μαύρο-λευκό, Ευρίσκεται χανεται θα ανταμειφθεί. Παρακαλείται ο ευρών να τηλεφωνήσει 230.813, 241.295 και 8' αμοιβαΐ. (Π56)
GALAXY ΣΥΝΕΡΓΕΙΟ ΚΑΘΑΡΙΣΜΟΥ ΣΑΛΟΝΙΑ, ΜΟΚΕΤΕΣ, ΣΚΑΛΕΣ, ΔΙΑΜΕΡΙΣΜΑΤΑ, ΤΖΑΜΙΑ, ΓΡΑΦΕΙΑ ΤΗΛ. 224.988, 243.973 (Π52)
ΧΑΘΗΚΕ πορτοφόλι με δίπλωμα οδηγήσεως και διάφορα χαρτιά. Παρακαλείται ο ευρών να τηλεφωνήσει στη Γεωργίου Βασιλειάδη. Τηλ. 236.281, 239.227 (Π49)
ΕΙΜΑΙ ΚΗΠΟΥΡΟΣ ευθύκολνήνομαι και φυτεύω επαγγελματικά, ποτίσματα, κλαδέματα κλπ. Τηλ. 244.491, 241.551 Κων. Αναπολιτάκης Ν. Αλικαρνασσού Κεφαλούκα 10. (Π37)
ΜΑΘΗΜΑΤΙΚΟΣ παραδίδει ιδιαίτερα μαθήματα σε μαθητές Γυμνασίου, Λυκείου, Δέσμες. Τιμές λογικές. Πληρ. τηλ. 238.486 (Π44)
ΙΤΑΛΙΚΑ ιδιαίτερα, αρχάριοι, προχωρημένοι και ταυτότητες, έμπειρη καθηγήτρια Διπλωματούχος Πανεπιστημίου Ιταλίας. Πληρ. τηλ. 224.936 (Μ839)
GREEK TAUGHT TO FOREIGNERS IF YOU ARE INTERESTED, PHONE MISS CATHERINE KAZEPI 281/ 259.214 from 2,30-5 (LOGICAL PRICES) (Μ852)
ΠΤΥΧΙΟΥΧΟΣ Ιταλικής Φιλολογίας και Φιλοσοφίας παραδίδει ιδιαίτερα μαθήματα σε Λυκειακά, Γυμνασίου, ΟΡΟΛΟΓΙΑ. Τηλ. 8π.μ.-1μμ 286.431, απόγευμα ώρες 253.126 (Μ858)
ΜΑΘΗΜΑΤΙΚΟΣ αναλαμβάνει μαθητές Γυμνασίου, Λυκείου, Δέσμες. Τηλ. 223.202 (Μ853)
ΚΑΘΗΓΗΤΡΙΑ Αγγλικών Γερμανικών, ιδιαίτερα μαθήματα προτιμόνε σε παιδιά ή προχώ ρημένα με άδεια Πανεπιστημίου εξωτερικού. Πληρ. τηλ. 226.094, 222.957 (Μ847)
ΚΑΘΗΓΗΤΡΙΑ Γαλλικών παραδίδει ιδιαίτερα μαθήματα Γαλλικών σε μαθητές. Τηλ. 220522-283909 (Μ848)
ΦΙΛΟΛΟΓΟΣ με πείρα παραδίδει ιδιαίτερα μαθήματα σε μαθητές. Πληρ. τηλ. 261.026 (Μ846)
ΚΟΙΝΩΝΙΟΛΟΓΟΣ παραδίδει ιδιαίτερα μαθήματα ΙΣΤΟΡΙΑΣ, ΚΟΙΝΩΝΙΟΛΟΓΙΑΣ σε μαθητές Λυκείου. Τηλ. 238.778
ΕΜΠΟΡΙΚΗ ΕΤΑΙΡΕΙΑ
ΖΗΤΑΕΙ
κοπέλλα ή νεαρό, να γνωρίζει Λογιστικά και Χειρισμό Υπολογιστή για μόνιμη εργασία. Θα προτιμηθούν όσοι έχουν προϋπηρεσία.
Τηλ. 253651, 253577
Διντής Μιχάλης
ΜΗ ΣΑΣ ΦΟΒΙΖΕΙ Η ΑΝΕΡΓΙΑ
Αν έχετε τελειώσει Λύκειο, είσαστε άνω των 25 ετών, εργατικός και φιλομαθής, και είσαστε σε θέση να αναλάβετε μια νέα υψηλή επιθυμία για εργασία και καλή καριέρα σε μεγάλο οικονομικό Οργανισμό.
Πληροφορίες στο τηλ. 227815
